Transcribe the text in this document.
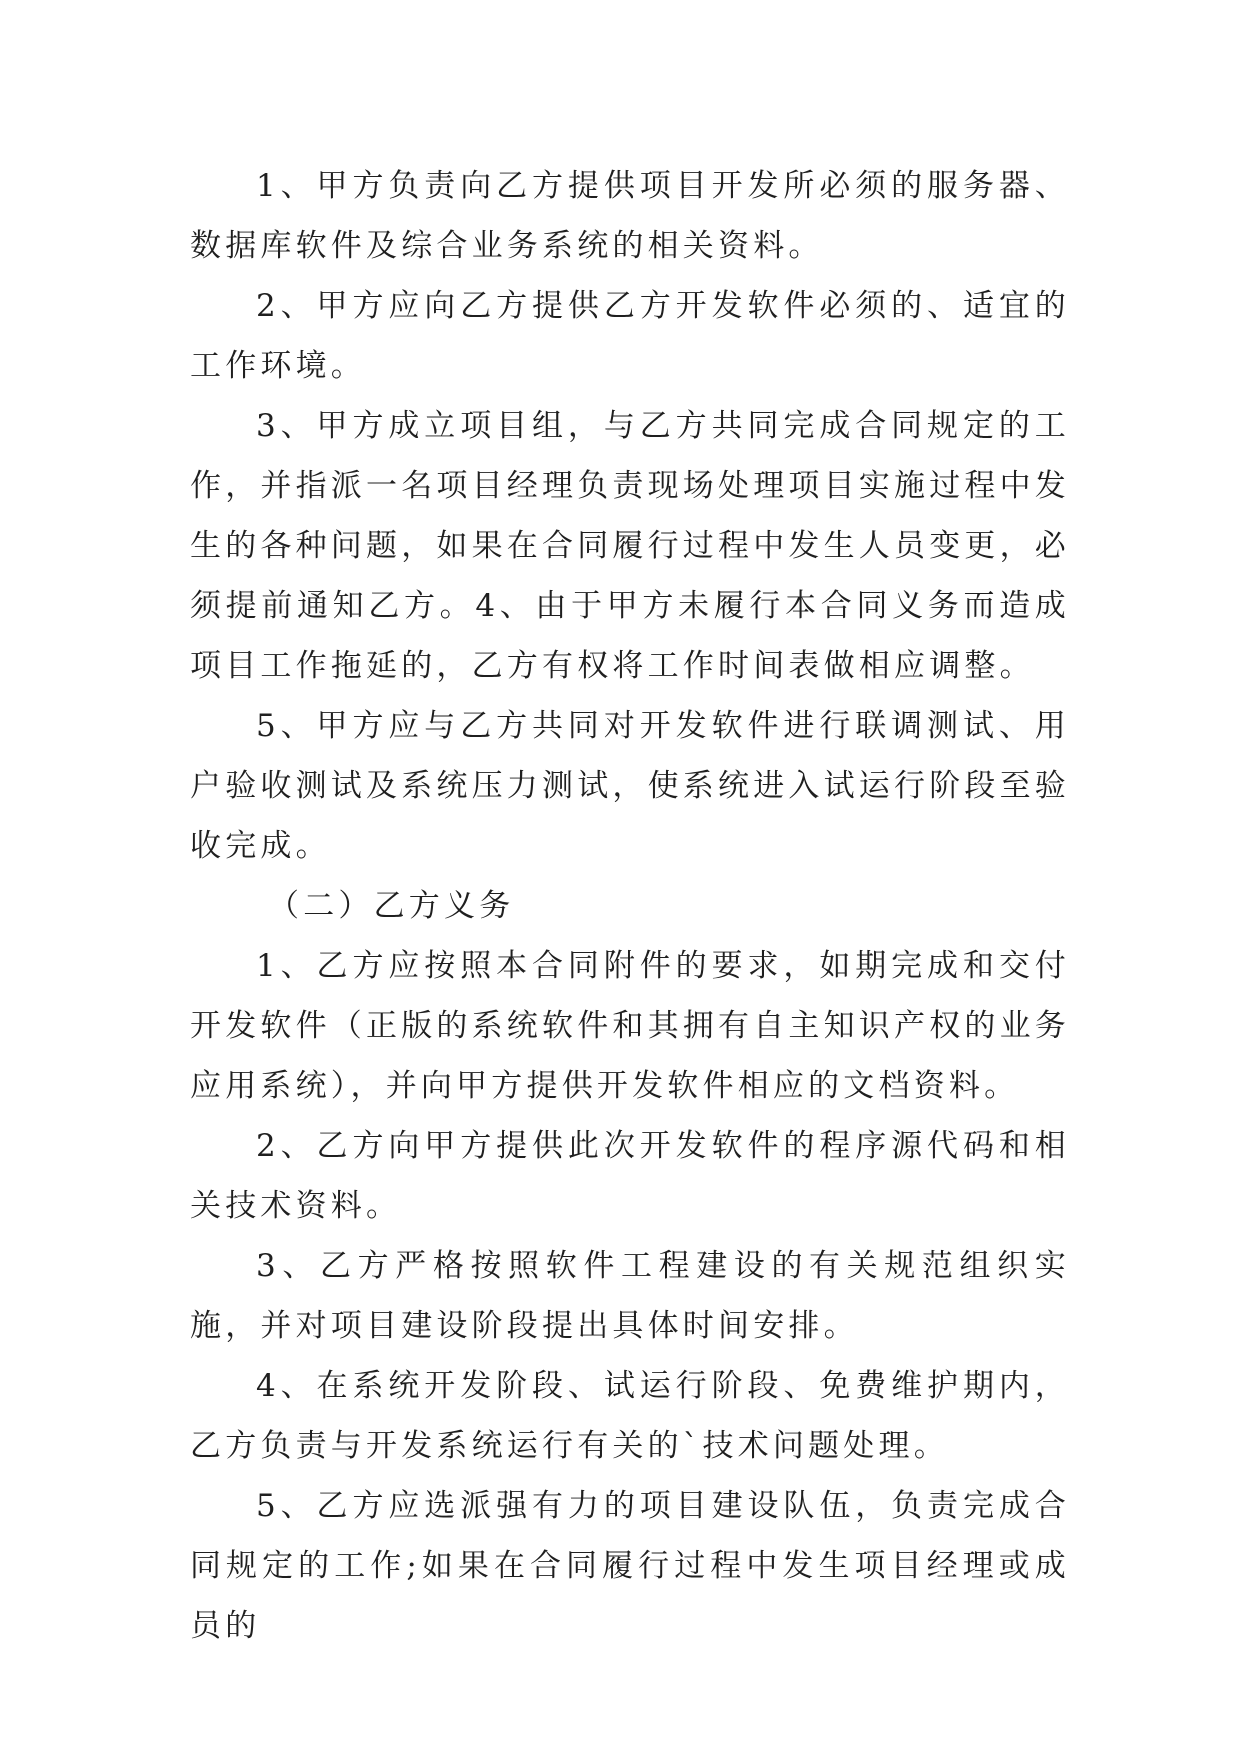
1、甲方负责向乙方提供项目开发所必须的服务器、数据库软件及综合业务系统的相关资料。

2、甲方应向乙方提供乙方开发软件必须的、适宜的工作环境。

3、甲方成立项目组，与乙方共同完成合同规定的工作，并指派一名项目经理负责现场处理项目实施过程中发生的各种问题，如果在合同履行过程中发生人员变更，必须提前通知乙方。4、由于甲方未履行本合同义务而造成项目工作拖延的，乙方有权将工作时间表做相应调整。

5、甲方应与乙方共同对开发软件进行联调测试、用户验收测试及系统压力测试，使系统进入试运行阶段至验收完成。

（二）乙方义务

1、乙方应按照本合同附件的要求，如期完成和交付开发软件（正版的系统软件和其拥有自主知识产权的业务应用系统），并向甲方提供开发软件相应的文档资料。

2、乙方向甲方提供此次开发软件的程序源代码和相关技术资料。

3、乙方严格按照软件工程建设的有关规范组织实施，并对项目建设阶段提出具体时间安排。

4、在系统开发阶段、试运行阶段、免费维护期内，乙方负责与开发系统运行有关的`技术问题处理。

5、乙方应选派强有力的项目建设队伍，负责完成合同规定的工作;如果在合同履行过程中发生项目经理或成员的
